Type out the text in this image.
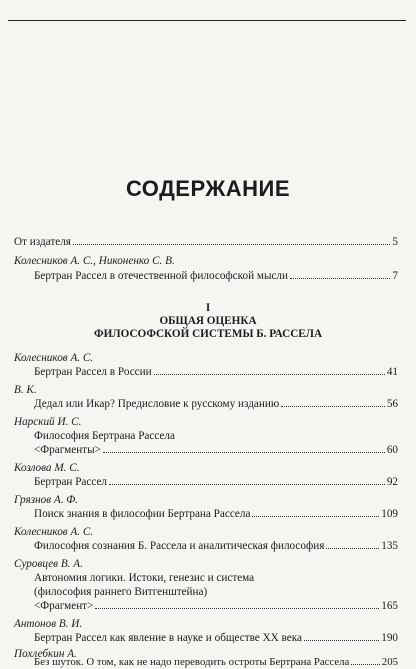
СОДЕРЖАНИЕ
От издателя	5
Колесников А. С., Никоненко С. В.
Бертран Рассел в отечественной философской мысли	7
I
ОБЩАЯ ОЦЕНКА
ФИЛОСОФСКОЙ СИСТЕМЫ Б. РАССЕЛА
Колесников А. С.
Бертран Рассел в России	41
В. К.
Дедал или Икар? Предисловие к русскому изданию	56
Нарский И. С.
Философия Бертрана Рассела
<Фрагменты>	60
Козлова М. С.
Бертран Рассел	92
Грязнов А. Ф.
Поиск знания в философии Бертрана Рассела	109
Колесников А. С.
Философия сознания Б. Рассела и аналитическая философия	135
Суровцев В. А.
Автономия логики. Истоки, генезис и система
(философия раннего Витгенштейна)
<Фрагмент>	165
Антонов В. И.
Бертран Рассел как явление в науке и обществе XX века	190
Похлебкин А.
Без шуток. О том, как не надо переводить остроты Бертрана Рассела	205
